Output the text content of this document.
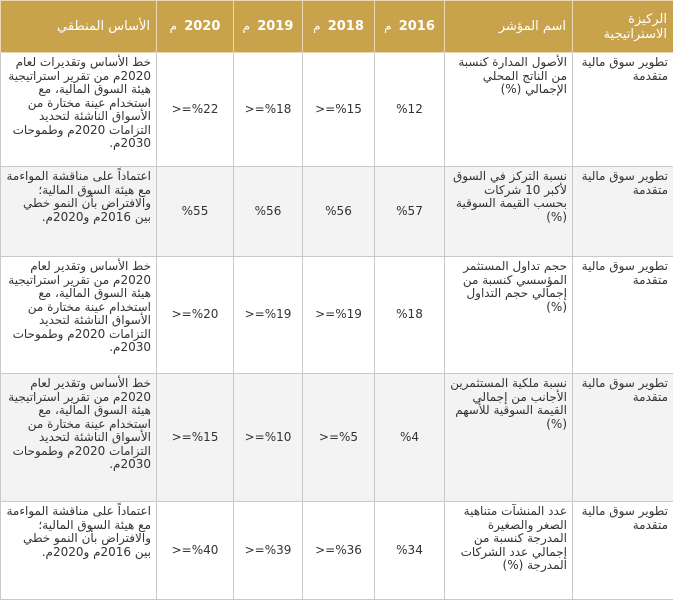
الركيزة الاستراتيجية	اسم المؤشر	2016 م	2018 م	2019 م	2020 م	الأساس المنطقي
تطوير سوق مالية متقدمة	الأصول المدارة كنسبة من الناتج المحلي الإجمالي (%)	%12	%15=<	%18=<	%22=<	خط الأساس وتقديرات لعام 2020م من تقرير استراتيجية هيئة السوق المالية، مع استخدام عينة مختارة من الأسواق الناشئة لتحديد التزامات 2020م وطموحات 2030م.
تطوير سوق مالية متقدمة	نسبة التركز في السوق لأكبر 10 شركات بحسب القيمة السوقية (%)	%57	%56	%56	%55	اعتماداً على مناقشة المواءمة مع هيئة السوق المالية؛ والافتراض بأن النمو خطي بين 2016م و2020م.
تطوير سوق مالية متقدمة	حجم تداول المستثمر المؤسسي كنسبة من إجمالي حجم التداول (%)	%18	%19=<	%19=<	%20=<	خط الأساس وتقدير لعام 2020م من تقرير استراتيجية هيئة السوق المالية، مع استخدام عينة مختارة من الأسواق الناشئة لتحديد التزامات 2020م وطموحات 2030م.
تطوير سوق مالية متقدمة	نسبة ملكية المستثمرين الأجانب من إجمالي القيمة السوقية للأسهم (%)	%4	%5=<	%10=<	%15=<	خط الأساس وتقدير لعام 2020م من تقرير استراتيجية هيئة السوق المالية، مع استخدام عينة مختارة من الأسواق الناشئة لتحديد التزامات 2020م وطموحات 2030م.
تطوير سوق مالية متقدمة	عدد المنشآت متناهية الصغر والصغيرة المدرجة كنسبة من إجمالي عدد الشركات المدرجة (%)	%34	%36=<	%39=<	%40=<	اعتماداً على مناقشة المواءمة مع هيئة السوق المالية؛ والافتراض بأن النمو خطي بين 2016م و2020م.
